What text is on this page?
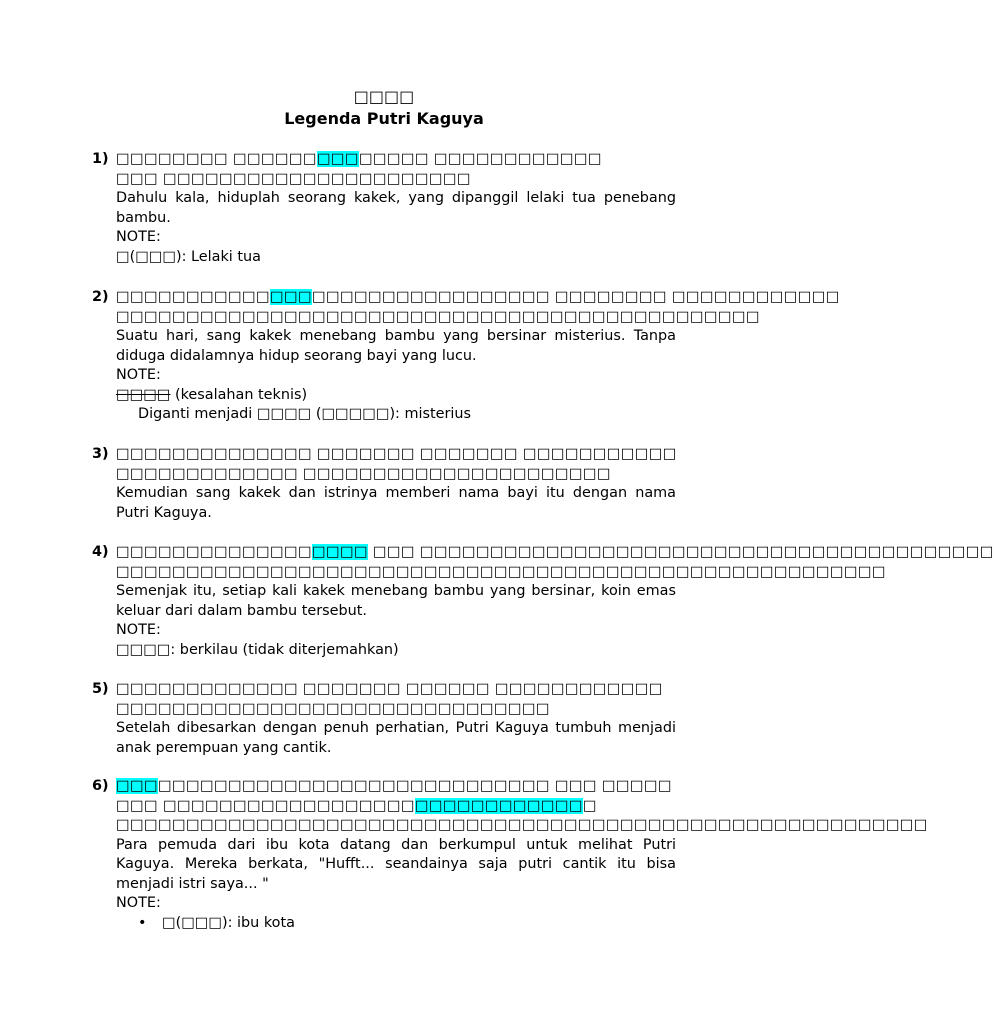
□□□□
Legenda Putri Kaguya
1) □□□□□□□□ □□□□□□□□□□□□□□ □□□□□□□□□□□□
□□□ □□□□□□□□□□□□□□□□□□□□□□
Dahulu kala, hiduplah seorang kakek, yang dipanggil lelaki tua penebang bambu.
NOTE:
□(□□□): Lelaki tua
2) □□□□□□□□□□□□□□□□□□□□□□□□□□□□□□□ □□□□□□□□ □□□□□□□□□□□□
□□□□□□□□□□□□□□□□□□□□□□□□□□□□□□□□□□□□□□□□□□□□□□
Suatu hari, sang kakek menebang bambu yang bersinar misterius. Tanpa diduga didalamnya hidup seorang bayi yang lucu.
NOTE:
□□□□ (kesalahan teknis)
Diganti menjadi □□□□ (□□□□□): misterius
3) □□□□□□□□□□□□□□ □□□□□□□ □□□□□□□ □□□□□□□□□□□
□□□□□□□□□□□□□ □□□□□□□□□□□□□□□□□□□□□□
Kemudian sang kakek dan istrinya memberi nama bayi itu dengan nama Putri Kaguya.
4) □□□□□□□□□□□□□□□□□□ □□□ □□□□□□□□□□□□□□□□□□□□□□□□□□□□□□□□□□□□□□□□□
□□□□□□□□□□□□□□□□□□□□□□□□□□□□□□□□□□□□□□□□□□□□□□□□□□□□□□□
Semenjak itu, setiap kali kakek menebang bambu yang bersinar, koin emas keluar dari dalam bambu tersebut.
NOTE:
□□□□: berkilau (tidak diterjemahkan)
5) □□□□□□□□□□□□□ □□□□□□□ □□□□□□ □□□□□□□□□□□□
□□□□□□□□□□□□□□□□□□□□□□□□□□□□□□□
Setelah dibesarkan dengan penuh perhatian, Putri Kaguya tumbuh menjadi anak perempuan yang cantik.
6) □□□□□□□□□□□□□□□□□□□□□□□□□□□□□□□ □□□ □□□□□□□□ □□□□□□□□□□□□□□□□□□□□□□□□□□□□□□□
□□□□□□□□□□□□□□□□□□□□□□□□□□□□□□□□□□□□□□□□□□□□□□□□□□□□□□□□□□
Para pemuda dari ibu kota datang dan berkumpul untuk melihat Putri Kaguya. Mereka berkata, "Hufft... seandainya saja putri cantik itu bisa menjadi istri saya... "
NOTE:
• □(□□□): ibu kota
